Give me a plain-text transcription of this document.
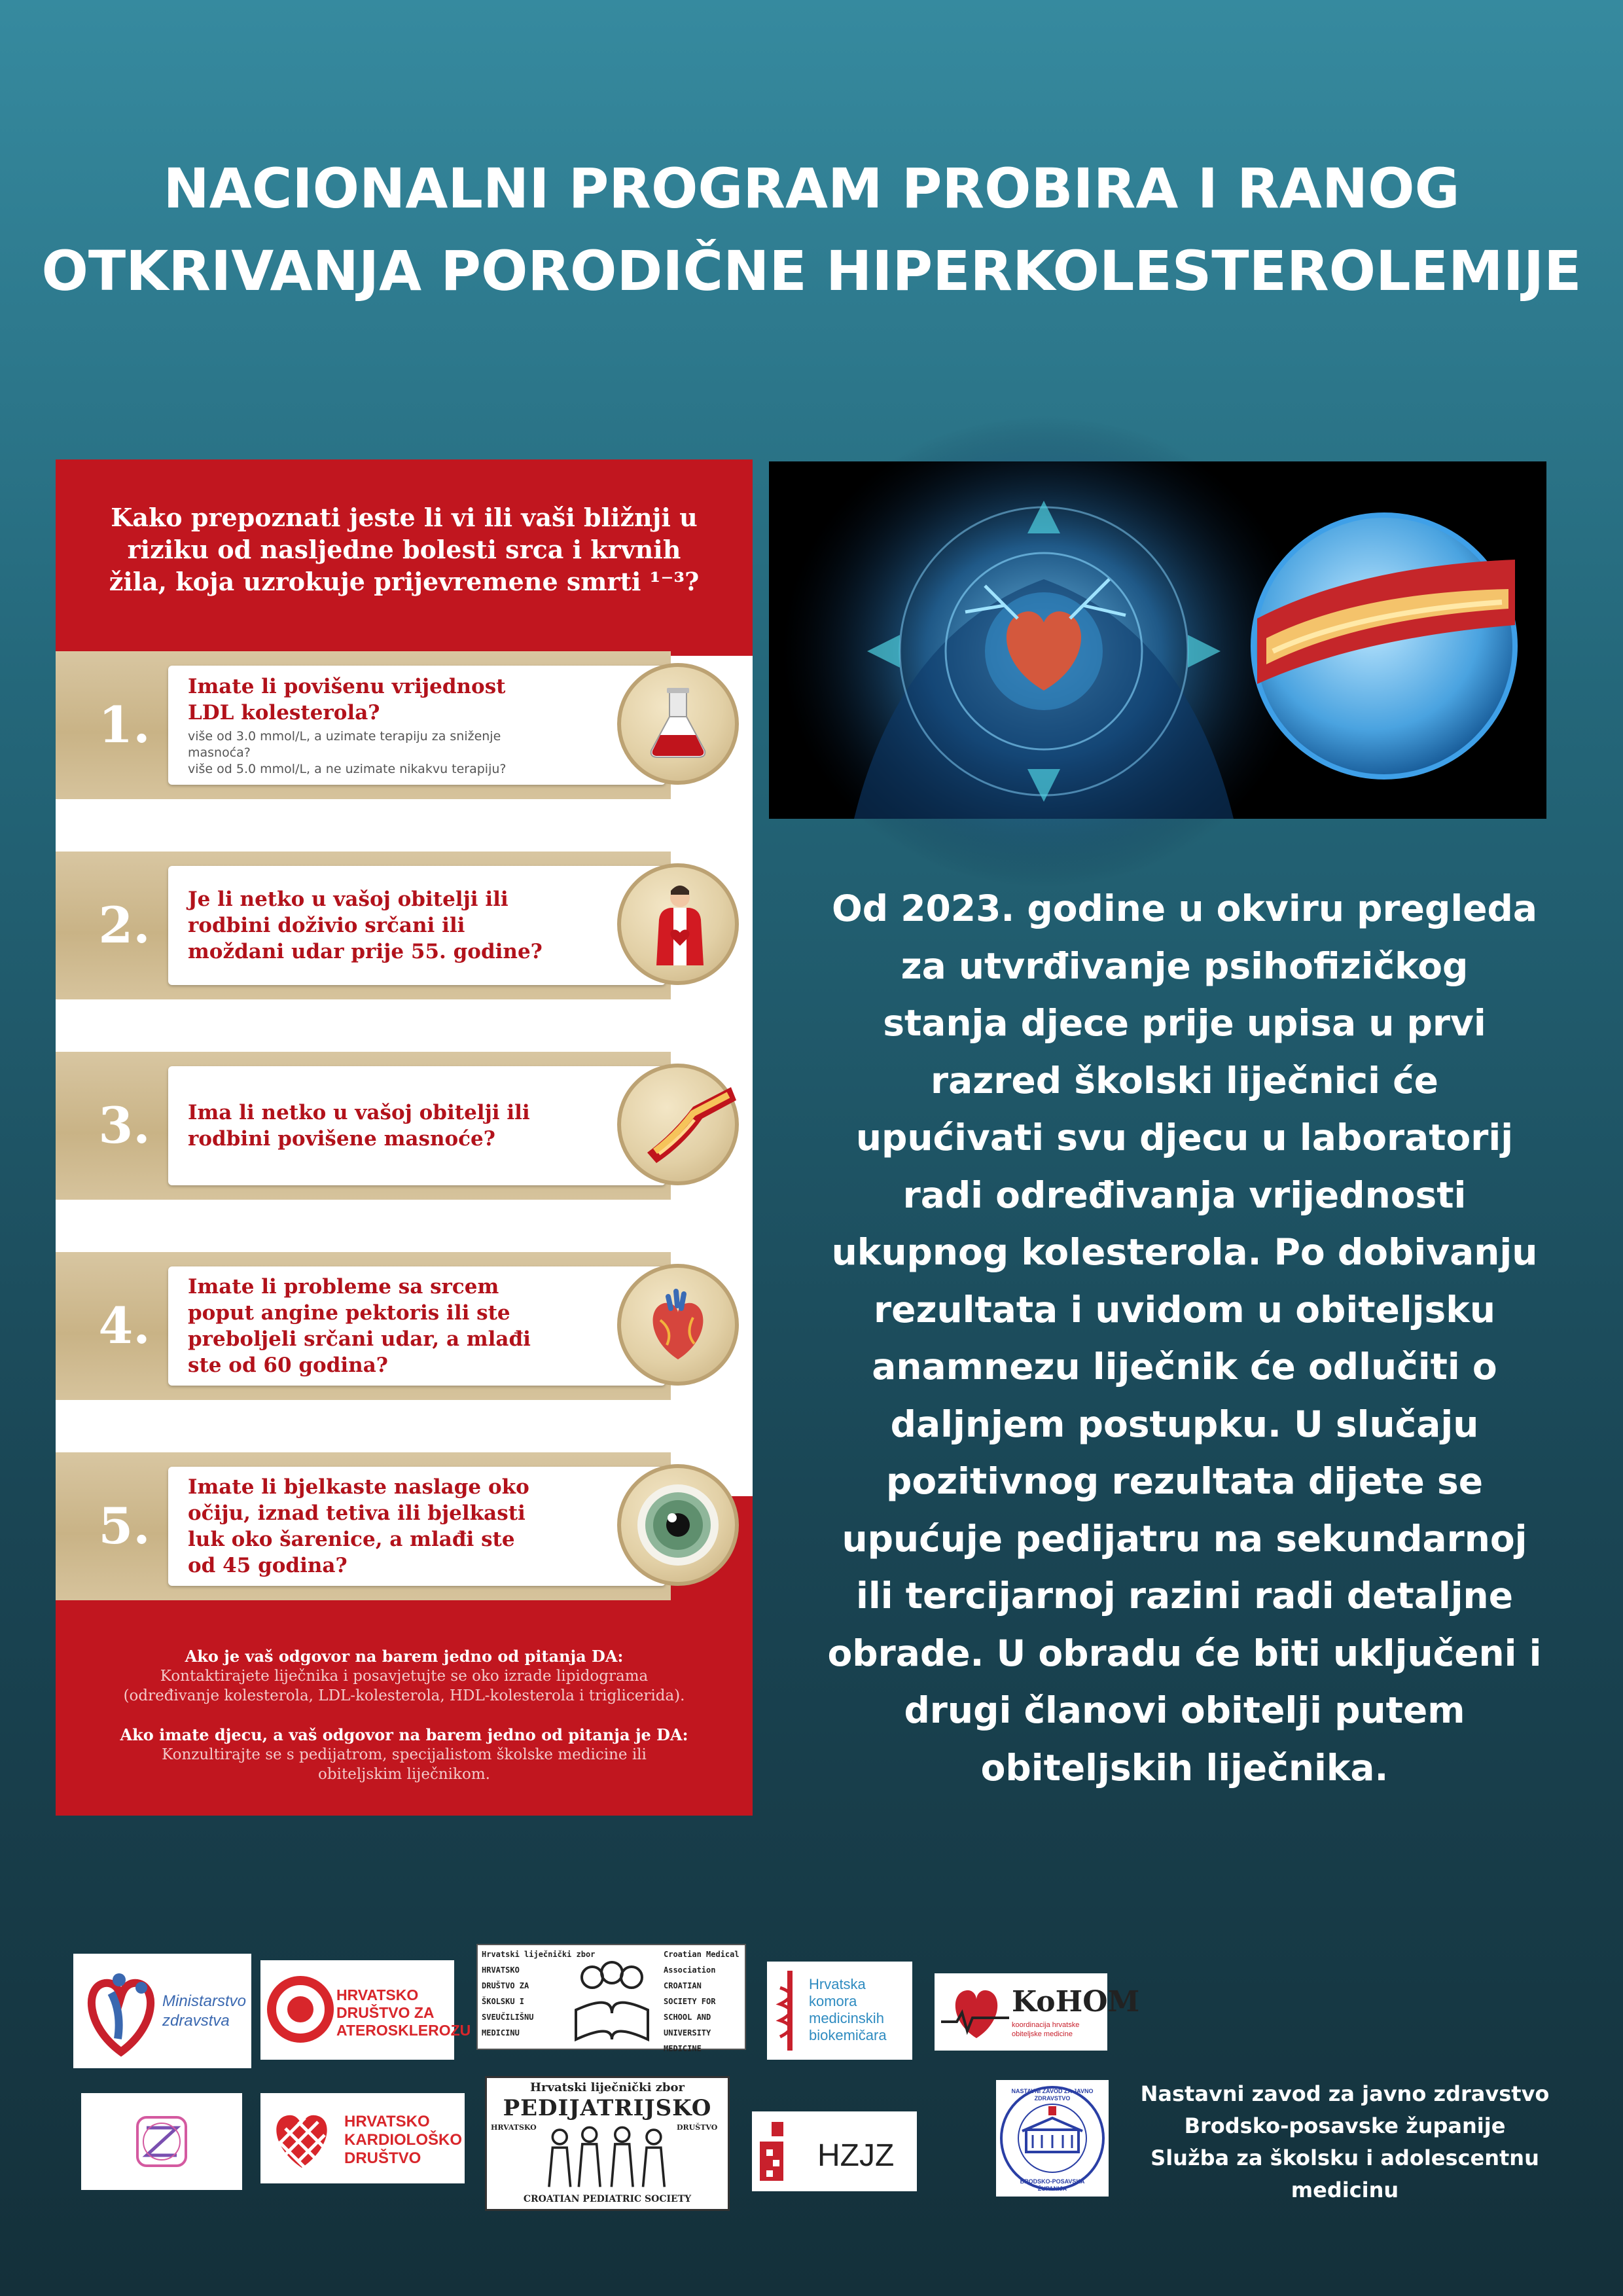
NACIONALNI PROGRAM PROBIRA I RANOG
OTKRIVANJA PORODIČNE HIPERKOLESTEROLEMIJE
Kako prepoznati jeste li vi ili vaši bližnji u
riziku od nasljedne bolesti srca i krvnih
žila, koja uzrokuje prijevremene smrti ¹⁻³?
1.
Imate li povišenu vrijednost
LDL kolesterola?
više od 3.0 mmol/L, a uzimate terapiju za sniženje masnoća?
više od 5.0 mmol/L, a ne uzimate nikakvu terapiju?
2.	Je li netko u vašoj obitelji ili
rodbini doživio srčani ili
moždani udar prije 55. godine?
3.	Ima li netko u vašoj obitelji ili
rodbini povišene masnoće?
4.
Imate li probleme sa srcem
poput angine pektoris ili ste
preboljeli srčani udar, a mlađi
ste od 60 godina?
5.
Imate li bjelkaste naslage oko
očiju, iznad tetiva ili bjelkasti
luk oko šarenice, a mlađi ste
od 45 godina?
Ako je vaš odgovor na barem jedno od pitanja DA:
Kontaktirajete liječnika i posavjetujte se oko izrade lipidograma
(određivanje kolesterola, LDL-kolesterola, HDL-kolesterola i triglicerida).
Ako imate djecu, a vaš odgovor na barem jedno od pitanja je DA:
Konzultirajte se s pedijatrom, specijalistom školske medicine ili
obiteljskim liječnikom.
Od 2023. godine u okviru pregleda
za utvrđivanje psihofizičkog
stanja djece prije upisa u prvi
razred školski liječnici će
upućivati svu djecu u laboratorij
radi određivanja vrijednosti
ukupnog kolesterola. Po dobivanju
rezultata i uvidom u obiteljsku
anamnezu liječnik će odlučiti o
daljnjem postupku. U slučaju
pozitivnog rezultata dijete se
upućuje pedijatru na sekundarnoj
ili tercijarnoj razini radi detaljne
obrade. U obradu će biti uključeni i
drugi članovi obitelji putem
obiteljskih liječnika.
Ministarstvo
zdravstva
HRVATSKO
DRUŠTVO ZA
ATEROSKLEROZU
Hrvatski liječnički zbor
HRVATSKO
DRUŠTVO ZA
ŠKOLSKU I
SVEUČILIŠNU
MEDICINU
Croatian Medical Association
CROATIAN
SOCIETY FOR
SCHOOL AND
UNIVERSITY
MEDICINE
Hrvatska
komora
medicinskih
biokemičara
KoHOM
koordinacija hrvatske
obiteljske medicine
HRVATSKO
KARDIOLOŠKO
DRUŠTVO
Hrvatski liječnički zbor
PEDIJATRIJSKO
HRVATSKO	DRUŠTVO
CROATIAN PEDIATRIC SOCIETY
HZJZ
NASTAVNI ZAVOD ZA JAVNO ZDRAVSTVO
BRODSKO-POSAVSKA ŽUPANIJA
Nastavni zavod za javno zdravstvo
Brodsko-posavske županije
Služba za školsku i adolescentnu
medicinu
